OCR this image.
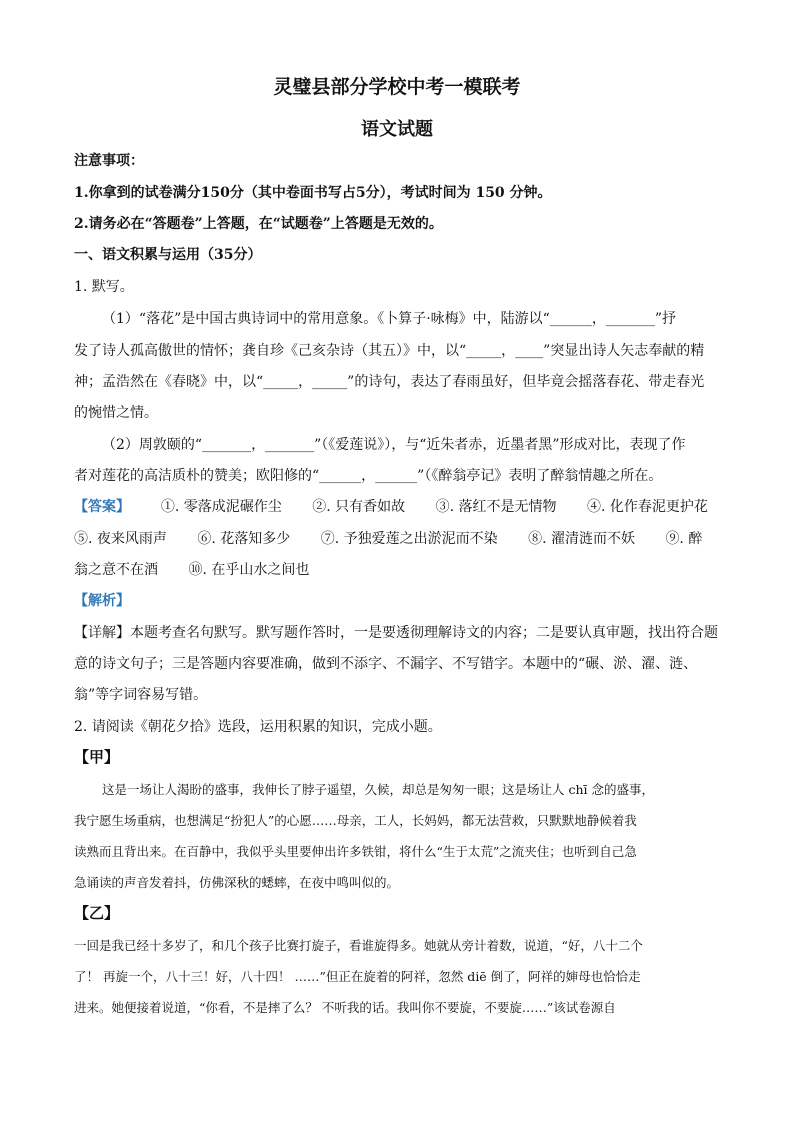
灵璧县部分学校中考一模联考
语文试题
注意事项：
1.你拿到的试卷满分150分（其中卷面书写占5分），考试时间为 150 分钟。
2.请务必在“答题卷”上答题，在“试题卷”上答题是无效的。
一、语文积累与运用（35分）
1. 默写。
（1）“落花”是中国古典诗词中的常用意象。《卜算子·咏梅》中，陆游以“______，_______”抒
发了诗人孤高傲世的情怀；龚自珍《己亥杂诗（其五）》中，以“_____，____”突显出诗人矢志奉献的精
神；孟浩然在《春晓》中，以“_____，_____”的诗句，表达了春雨虽好，但毕竟会摇落春花、带走春光
的惋惜之情。
（2）周敦颐的“_______，_______”（《爱莲说》），与“近朱者赤，近墨者黑”形成对比，表现了作
者对莲花的高洁质朴的赞美；欧阳修的“______，______”（《醉翁亭记》表明了醉翁情趣之所在。
【答案】 ①. 零落成泥碾作尘 ②. 只有香如故 ③. 落红不是无情物 ④. 化作春泥更护花
⑤. 夜来风雨声 ⑥. 花落知多少 ⑦. 予独爱莲之出淤泥而不染 ⑧. 濯清涟而不妖 ⑨. 醉
翁之意不在酒 ⑩. 在乎山水之间也
【解析】
【详解】本题考查名句默写。默写题作答时，一是要透彻理解诗文的内容；二是要认真审题，找出符合题
意的诗文句子；三是答题内容要准确，做到不添字、不漏字、不写错字。本题中的“碾、淤、濯、涟、
翁”等字词容易写错。
2. 请阅读《朝花夕拾》选段，运用积累的知识，完成小题。
【甲】
这是一场让人渴盼的盛事，我伸长了脖子遥望，久候，却总是匆匆一眼；这是场让人 chī 念的盛事，
我宁愿生场重病，也想满足“扮犯人”的心愿……母亲，工人，长妈妈，都无法营救，只默默地静候着我
读熟而且背出来。在百静中，我似乎头里要伸出许多铁钳，将什么“生于太荒”之流夹住；也听到自己急
急诵读的声音发着抖，仿佛深秋的蟋蟀，在夜中鸣叫似的。
【乙】
一回是我已经十多岁了，和几个孩子比赛打旋子，看谁旋得多。她就从旁计着数，说道，“好，八十二个
了！ 再旋一个，八十三！好，八十四！ ……”但正在旋着的阿祥，忽然 diē 倒了，阿祥的婶母也恰恰走
进来。她便接着说道，“你看，不是摔了么？ 不听我的话。我叫你不要旋，不要旋……”该试卷源自
